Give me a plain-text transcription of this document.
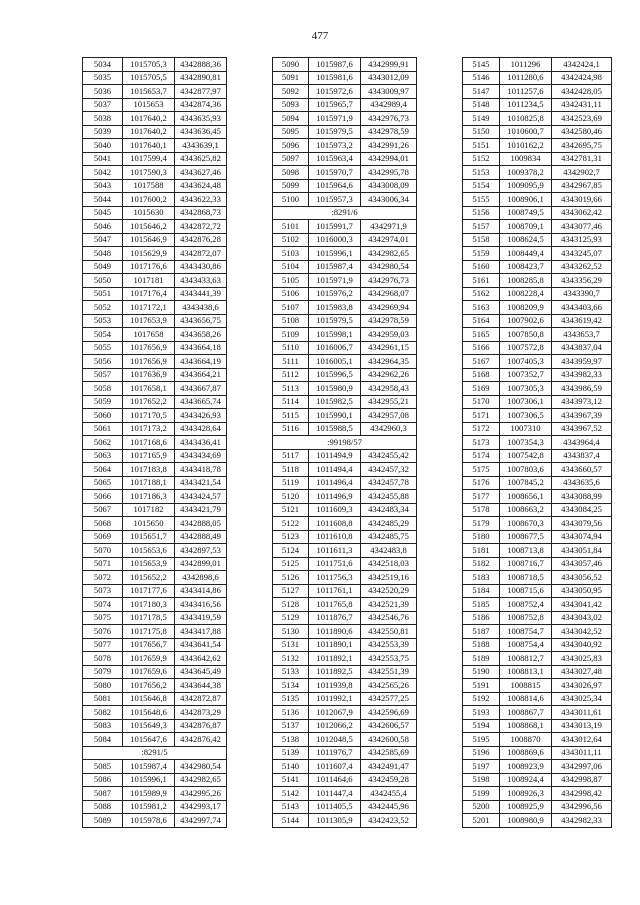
477
5034	1015705,3	4342888,36
5035	1015705,5	4342890,81
5036	1015653,7	4342877,97
5037	1015653	4342874,36
5038	1017640,2	4343635,93
5039	1017640,2	4343636,45
5040	1017640,1	4343639,1
5041	1017599,4	4343625,82
5042	1017590,3	4343627,46
5043	1017588	4343624,48
5044	1017600,2	4343622,33
5045	1015630	4342868,73
5046	1015646,2	4342872,72
5047	1015646,9	4342876,28
5048	1015629,9	4342872,07
5049	1017176,6	4343430,86
5050	1017181	4343433,63
5051	1017176,4	4343441,39
5052	1017172,1	4343438,6
5053	1017653,9	4343656,75
5054	1017658	4343658,26
5055	1017656,9	4343664,18
5056	1017656,9	4343664,19
5057	1017636,9	4343664,21
5058	1017658,1	4343667,87
5059	1017652,2	4343665,74
5060	1017170,5	4343426,93
5061	1017173,2	4343428,64
5062	1017168,6	4343436,41
5063	1017165,9	4343434,69
5064	1017183,8	4343418,78
5065	1017188,1	4343421,54
5066	1017186,3	4343424,57
5067	1017182	4343421,79
5068	1015650	4342888,05
5069	1015651,7	4342888,49
5070	1015653,6	4342897,53
5071	1015653,9	4342899,01
5072	1015652,2	4342898,6
5073	1017177,6	4343414,86
5074	1017180,3	4343416,56
5075	1017178,5	4343419,59
5076	1017175,8	4343417,88
5077	1017656,7	4343641,54
5078	1017659,9	4343642,62
5079	1017659,6	4343645,49
5080	1017656,2	4343644,38
5081	1015646,8	4342872,87
5082	1015648,6	4342873,29
5083	1015649,3	4342876,87
5084	1015647,6	4342876,42
:8291/5		
5085	1015987,4	4342980,54
5086	1015996,1	4342982,65
5087	1015989,9	4342995,26
5088	1015981,2	4342993,17
5089	1015978,6	4342997,74
5090	1015987,6	4342999,91
5091	1015981,6	4343012,09
5092	1015972,6	4343009,97
5093	1015965,7	4342989,4
5094	1015971,9	4342976,73
5095	1015979,5	4342978,59
5096	1015973,2	4342991,26
5097	1015963,4	4342994,01
5098	1015970,7	4342995,78
5099	1015964,6	4343008,09
5100	1015957,3	4343006,34
:8291/6		
5101	1015991,7	4342971,9
5102	1016000,3	4342974,01
5103	1015996,1	4342982,65
5104	1015987,4	4342980,54
5105	1015971,9	4342976,73
5106	1015976,2	4342968,07
5107	1015983,8	4342969,94
5108	1015979,5	4342978,59
5109	1015998,1	4342959,03
5110	1016006,7	4342961,15
5111	1016005,1	4342964,35
5112	1015996,5	4342962,26
5113	1015980,9	4342958,43
5114	1015982,5	4342955,21
5115	1015990,1	4342957,08
5116	1015988,5	4342960,3
:99198/57		
5117	1011494,9	4342455,42
5118	1011494,4	4342457,32
5119	1011496,4	4342457,78
5120	1011496,9	4342455,88
5121	1011609,3	4342483,34
5122	1011608,8	4342485,29
5123	1011610,8	4342485,75
5124	1011611,3	4342483,8
5125	1011751,6	4342518,03
5126	1011756,3	4342519,16
5127	1011761,1	4342520,29
5128	1011765,8	4342521,39
5129	1011876,7	4342546,76
5130	1011890,6	4342550,81
5131	1011890,1	4342553,39
5132	1011892,1	4342553,75
5133	1011892,5	4342551,39
5134	1011939,8	4342565,26
5135	1011992,1	4342577,25
5136	1012067,9	4342596,69
5137	1012066,2	4342606,57
5138	1012048,5	4342600,58
5139	1011976,7	4342585,69
5140	1011607,4	4342491,47
5141	1011464,6	4342459,28
5142	1011447,4	4342455,4
5143	1011405,5	4342445,96
5144	1011305,9	4342423,52
5145	1011296	4342424,1
5146	1011280,6	4342424,98
5147	1011257,6	4342428,05
5148	1011234,5	4342431,11
5149	1010825,8	4342523,69
5150	1010600,7	4342580,46
5151	1010162,2	4342695,75
5152	1009834	4342781,31
5153	1009378,2	4342902,7
5154	1009095,9	4342967,85
5155	1008906,1	4343019,66
5156	1008749,5	4343062,42
5157	1008709,1	4343077,46
5158	1008624,5	4343125,93
5159	1008449,4	4343245,07
5160	1008423,7	4343262,52
5161	1008285,8	4343356,29
5162	1008228,4	4343390,7
5163	1008209,9	4343403,66
5164	1007902,6	4343619,42
5165	1007850,8	4343653,7
5166	1007572,8	4343837,04
5167	1007405,3	4343959,97
5168	1007352,7	4343982,33
5169	1007305,3	4343986,59
5170	1007306,1	4343973,12
5171	1007306,5	4343967,39
5172	1007310	4343967,52
5173	1007354,3	4343964,4
5174	1007542,8	4343837,4
5175	1007803,6	4343660,57
5176	1007845,2	4343635,6
5177	1008656,1	4343088,99
5178	1008663,2	4343084,25
5179	1008670,3	4343079,56
5180	1008677,5	4343074,94
5181	1008713,8	4343051,84
5182	1008716,7	4343057,46
5183	1008718,5	4343056,52
5184	1008715,6	4343050,95
5185	1008752,4	4343041,42
5186	1008752,8	4343043,02
5187	1008754,7	4343042,52
5188	1008754,4	4343040,92
5189	1008812,7	4343025,83
5190	1008813,1	4343027,48
5191	1008815	4343026,97
5192	1008814,6	4343025,34
5193	1008867,7	4343011,61
5194	1008868,1	4343013,19
5195	1008870	4343012,64
5196	1008869,6	4343011,11
5197	1008923,9	4342997,06
5198	1008924,4	4342998,87
5199	1008926,3	4342998,42
5200	1008925,9	4342996,56
5201	1008980,9	4342982,33
